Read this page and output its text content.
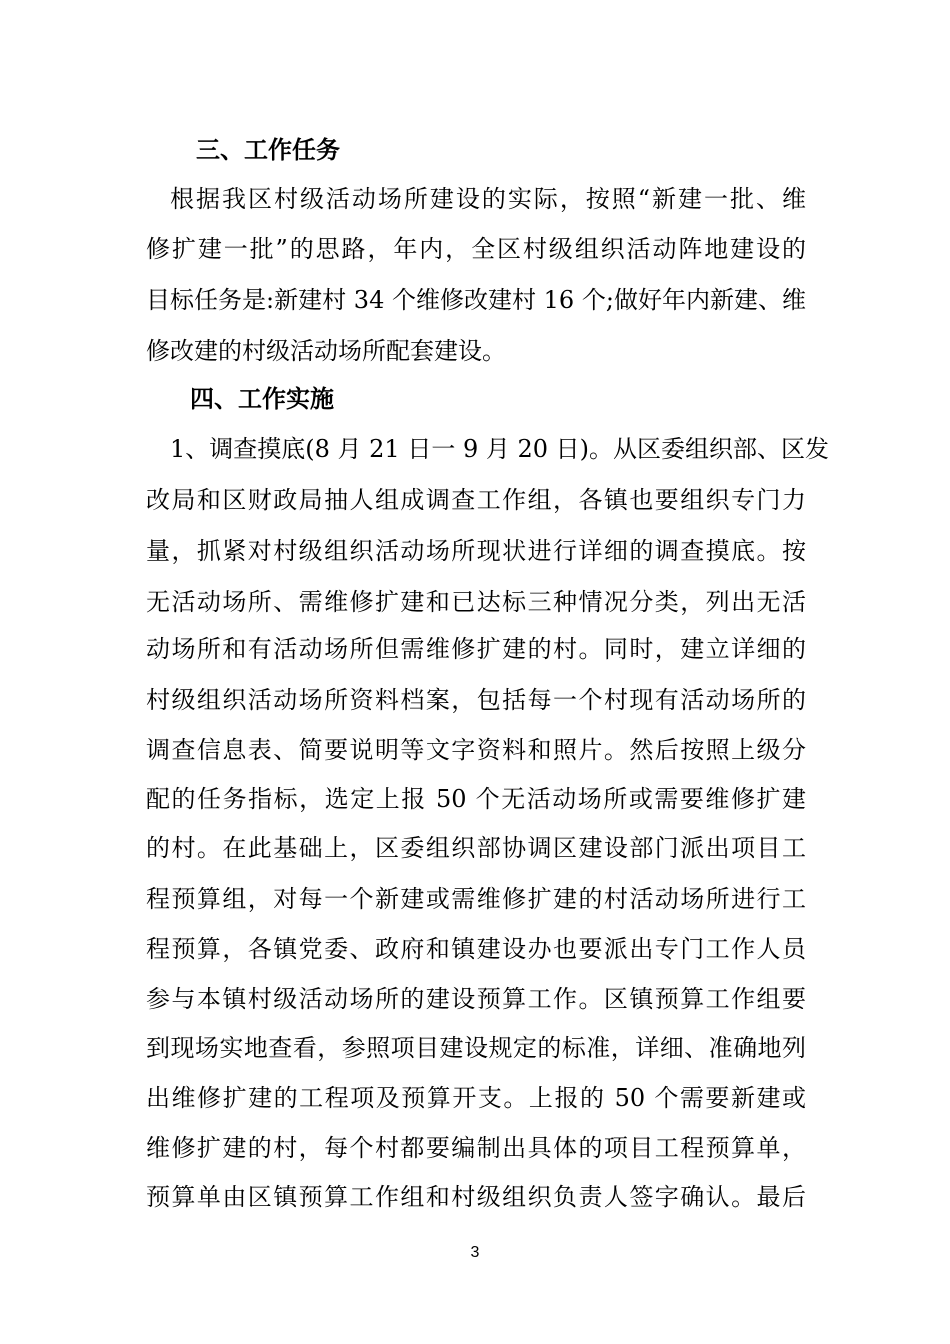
三、工作任务
根据我区村级活动场所建设的实际，按照“新建一批、维
修扩建一批”的思路，年内，全区村级组织活动阵地建设的
目标任务是:新建村 34 个维修改建村 16 个;做好年内新建、维
修改建的村级活动场所配套建设。
四、工作实施
1、调查摸底(8 月 21 日一 9 月 20 日)。从区委组织部、区发
改局和区财政局抽人组成调查工作组，各镇也要组织专门力
量，抓紧对村级组织活动场所现状进行详细的调查摸底。按
无活动场所、需维修扩建和已达标三种情况分类，列出无活
动场所和有活动场所但需维修扩建的村。同时，建立详细的
村级组织活动场所资料档案，包括每一个村现有活动场所的
调查信息表、简要说明等文字资料和照片。然后按照上级分
配的任务指标，选定上报 50 个无活动场所或需要维修扩建
的村。在此基础上，区委组织部协调区建设部门派出项目工
程预算组，对每一个新建或需维修扩建的村活动场所进行工
程预算，各镇党委、政府和镇建设办也要派出专门工作人员
参与本镇村级活动场所的建设预算工作。区镇预算工作组要
到现场实地查看，参照项目建设规定的标准，详细、准确地列
出维修扩建的工程项及预算开支。上报的 50 个需要新建或
维修扩建的村，每个村都要编制出具体的项目工程预算单，
预算单由区镇预算工作组和村级组织负责人签字确认。最后
3
